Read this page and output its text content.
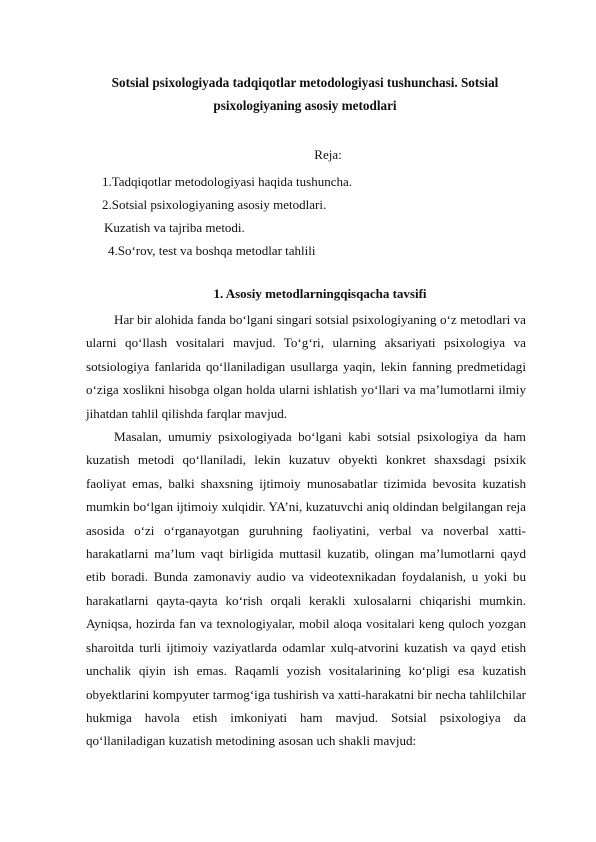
Sotsial psixologiyada tadqiqotlar metodologiyasi tushunchasi. Sotsial psixologiyaning asosiy metodlari
Reja:
1.Tadqiqotlar metodologiyasi haqida tushuncha.
2.Sotsial psixologiyaning asosiy metodlari.
Kuzatish va tajriba metodi.
4.So‘rov, test va boshqa metodlar tahlili
1. Asosiy metodlarningqisqacha tavsifi

Har bir alohida fanda bo‘lgani singari sotsial psixologiyaning o‘z metodlari va ularni qo‘llash vositalari mavjud. To‘g‘ri, ularning aksariyati psixologiya va sotsiologiya fanlarida qo‘llaniladigan usullarga yaqin, lekin fanning predmetidagi o‘ziga xoslikni hisobga olgan holda ularni ishlatish yo‘llari va ma’lumotlarni ilmiy jihatdan tahlil qilishda farqlar mavjud.

Masalan, umumiy psixologiyada bo‘lgani kabi sotsial psixologiya da ham kuzatish metodi qo‘llaniladi, lekin kuzatuv obyekti konkret shaxsdagi psixik faoliyat emas, balki shaxsning ijtimoiy munosabatlar tizimida bevosita kuzatish mumkin bo‘lgan ijtimoiy xulqidir. YA’ni, kuzatuvchi aniq oldindan belgilangan reja asosida o‘zi o‘rganayotgan guruhning faoliyatini, verbal va noverbal xatti-harakatlarni ma’lum vaqt birligida muttasil kuzatib, olingan ma’lumotlarni qayd etib boradi. Bunda zamonaviy audio va videotexnikadan foydalanish, u yoki bu harakatlarni qayta-qayta ko‘rish orqali kerakli xulosalarni chiqarishi mumkin. Ayniqsa, hozirda fan va texnologiyalar, mobil aloqa vositalari keng quloch yozgan sharoitda turli ijtimoiy vaziyatlarda odamlar xulq-atvorini kuzatish va qayd etish unchalik qiyin ish emas. Raqamli yozish vositalarining ko‘pligi esa kuzatish obyektlarini kompyuter tarmog‘iga tushirish va xatti-harakatni bir necha tahlilchilar hukmiga havola etish imkoniyati ham mavjud. Sotsial psixologiya da qo‘llaniladigan kuzatish metodining asosan uch shakli mavjud:
